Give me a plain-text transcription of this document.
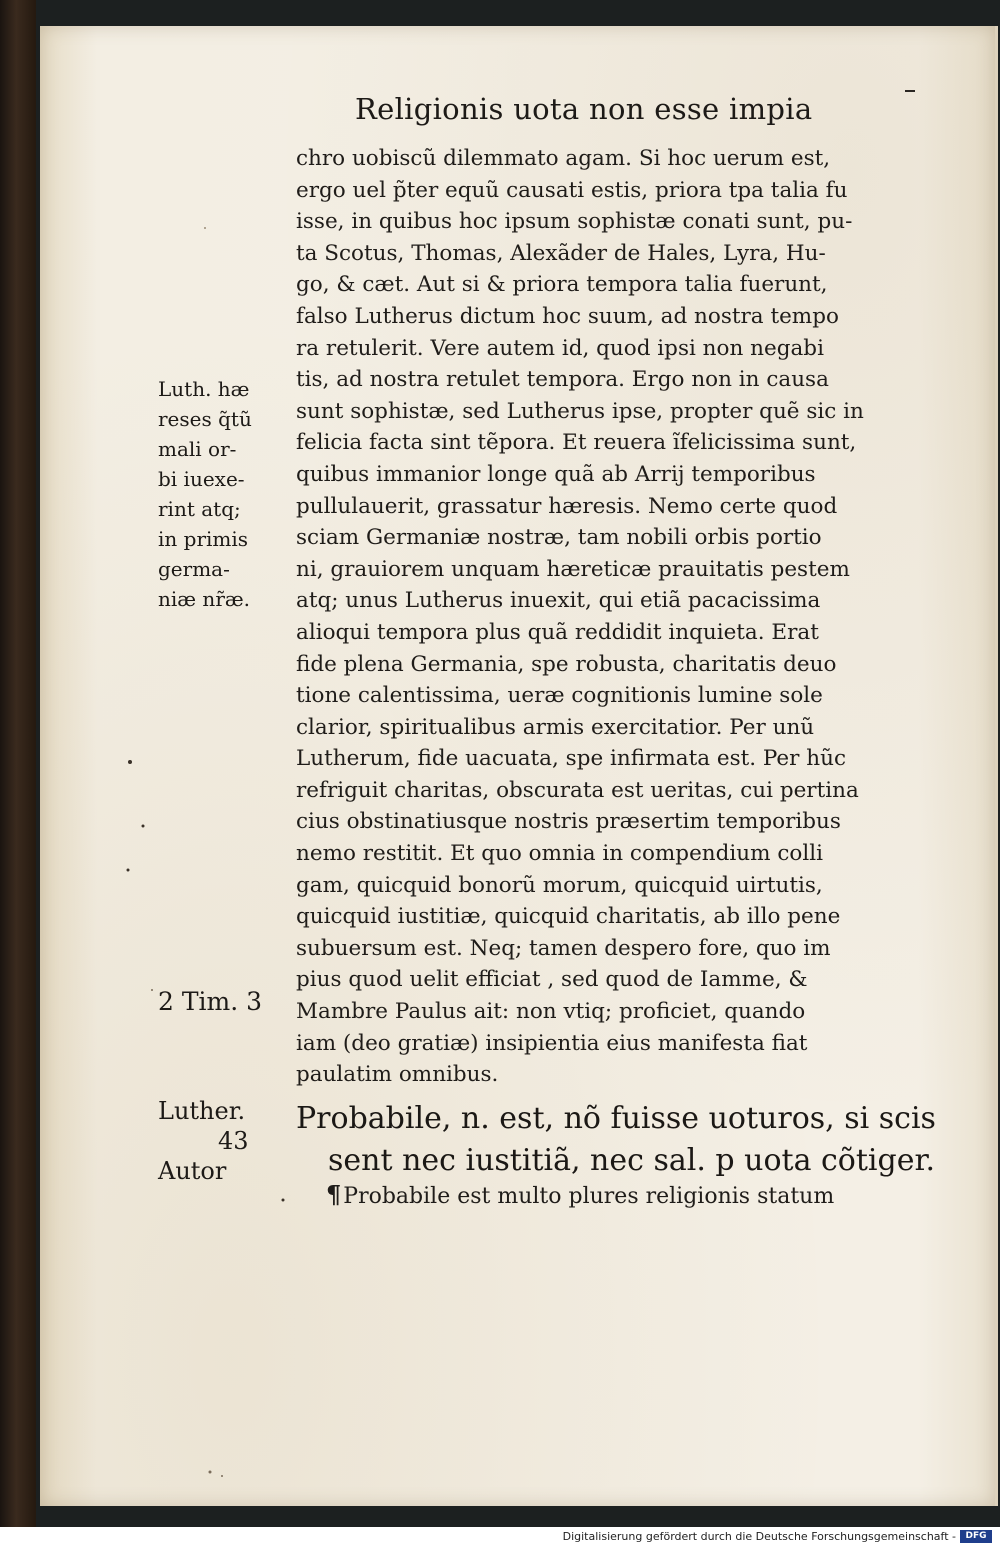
Religionis uota non esse impia
chro uobiscũ dilemmato agam. Si hoc uerum est,
ergo uel p̃ter equũ causati estis, priora tpa talia fu
isse, in quibus hoc ipsum sophistæ conati sunt, pu-
ta Scotus, Thomas, Alexãder de Hales, Lyra, Hu-
go, & cæt. Aut si & priora tempora talia fuerunt,
falso Lutherus dictum hoc suum, ad nostra tempo
ra retulerit. Vere autem id, quod ipsi non negabi
tis, ad nostra retulet tempora. Ergo non in causa
sunt sophistæ, sed Lutherus ipse, propter quẽ sic in
felicia facta sint tẽpora. Et reuera ĩfelicissima sunt,
quibus immanior longe quã ab Arrij temporibus
pullulauerit, grassatur hæresis. Nemo certe quod
sciam Germaniæ nostræ, tam nobili orbis portio
ni, grauiorem unquam hæreticæ prauitatis pestem
atq; unus Lutherus inuexit, qui etiã pacacissima
alioqui tempora plus quã reddidit inquieta. Erat
fide plena Germania, spe robusta, charitatis deuo
tione calentissima, ueræ cognitionis lumine sole
clarior, spiritualibus armis exercitatior. Per unũ
Lutherum, fide uacuata, spe infirmata est. Per hũc
refriguit charitas, obscurata est ueritas, cui pertina
cius obstinatiusque nostris præsertim temporibus
nemo restitit. Et quo omnia in compendium colli
gam, quicquid bonorũ morum, quicquid uirtutis,
quicquid iustitiæ, quicquid charitatis, ab illo pene
subuersum est. Neq; tamen despero fore, quo im
pius quod uelit efficiat , sed quod de Iamme, &
Mambre Paulus ait: non vtiq; proficiet, quando
iam (deo gratiæ) insipientia eius manifesta fiat
paulatim omnibus.
Probabile, n. est, nõ fuisse uoturos, si scis
sent nec iustitiã, nec sal. p uota cõtiger.
¶Probabile est multo plures religionis statum
Luth. hæ
reses q̃tũ
mali or-
bi iuexe-
rint atq;
in primis
germa-
niæ nr̃æ.
2 Tim. 3
Luther.
43
Autor
Digitalisierung gefördert durch die Deutsche Forschungsgemeinschaft -	DFG
